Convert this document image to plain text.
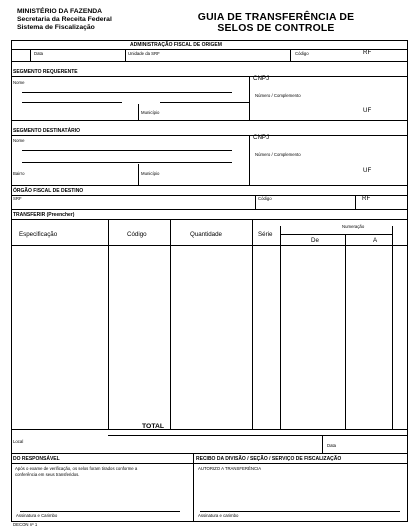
MINISTÉRIO DA FAZENDA
Secretaria da Receita Federal
Sistema de Fiscalização
GUIA DE TRANSFERÊNCIA DE
SELOS DE CONTROLE
ADMINISTRAÇÃO FISCAL DE ORIGEM
Data	Unidade da SRF	Código	RF
SEGMENTO REQUERENTE
Nome
CNPJ
Número / Complemento
Município	UF
SEGMENTO DESTINATÁRIO
Nome	CNPJ
Número / Complemento
Bairro	Município	UF
ÓRGÃO FISCAL DE DESTINO
SRF	Código	RF
TRANSFERIR (Preencher)
Especificação	Código	Quantidade	Série
Numeração
De	A
TOTAL
Local
Data
DO RESPONSÁVEL	RECIBO DA DIVISÃO / SEÇÃO / SERVIÇO DE FISCALIZAÇÃO
Após o exame de verificação, os selos foram tirados conforme a
conferência em seus transferidos.
AUTORIZO A TRANSFERÊNCIA
Assinatura e Carimbo	Assinatura e carimbo
DECON nº 1
